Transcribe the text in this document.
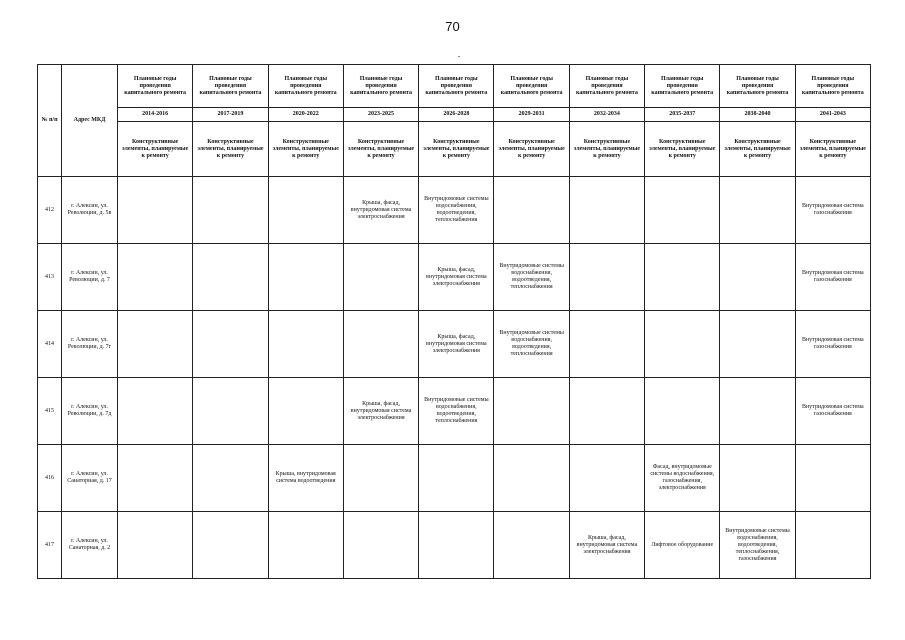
70
№ п/п	Адрес МКД	Плановые годы проведения капитального ремонта	Плановые годы проведения капитального ремонта	Плановые годы проведения капитального ремонта	Плановые годы проведения капитального ремонта	Плановые годы проведения капитального ремонта	Плановые годы проведения капитального ремонта	Плановые годы проведения капитального ремонта	Плановые годы проведения капитального ремонта	Плановые годы проведения капитального ремонта	Плановые годы проведения капитального ремонта
		2014-2016	2017-2019	2020-2022	2023-2025	2026-2028	2029-2031	2032-2034	2035-2037	2038-2040	2041-2043
		Конструктивные элементы, планируемые к ремонту	Конструктивные элементы, планируемые к ремонту	Конструктивные элементы, планируемые к ремонту	Конструктивные элементы, планируемые к ремонту	Конструктивные элементы, планируемые к ремонту	Конструктивные элементы, планируемые к ремонту	Конструктивные элементы, планируемые к ремонту	Конструктивные элементы, планируемые к ремонту	Конструктивные элементы, планируемые к ремонту	Конструктивные элементы, планируемые к ремонту
412	г. Алексин, ул. Революции, д. 5в				Крыша, фасад, внутридомовая система электроснабжения	Внутридомовые системы водоснабжения, водоотведения, теплоснабжения					Внутридомовая система газоснабжения
413	г. Алексин, ул. Революции, д. 7					Крыша, фасад, внутридомовая система электроснабжения	Внутридомовые системы водоснабжения, водоотведения, теплоснабжения				Внутридомовая система газоснабжения
414	г. Алексин, ул. Революции, д. 7г					Крыша, фасад, внутридомовая система электроснабжения	Внутридомовые системы водоснабжения, водоотведения, теплоснабжения				Внутридомовая система газоснабжения
415	г. Алексин, ул. Революции, д. 7д				Крыша, фасад, внутридомовая система электроснабжения	Внутридомовые системы водоснабжения, водоотведения, теплоснабжения					Внутридомовая система газоснабжения
416	г. Алексин, ул. Санаторная, д. 17			Крыша, внутридомовая система водоотведения					Фасад, внутридомовые системы водоснабжения, газоснабжения, электроснабжения		
417	г. Алексин, ул. Санаторная, д. 2							Крыша, фасад, внутридомовая система электроснабжения	Лифтовое оборудование	Внутридомовые системы водоснабжения, водоотведения, теплоснабжения, газоснабжения	
